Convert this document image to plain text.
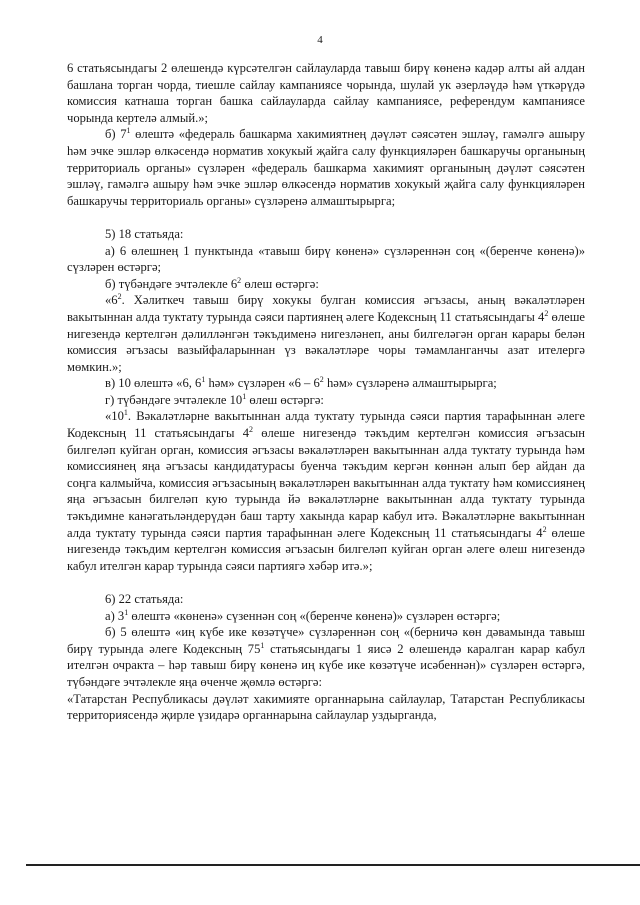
4

6 статьясындагы 2 өлешендә күрсәтелгән сайлауларда тавыш бирү көненә кадәр алты ай алдан башлана торган чорда, тиешле сайлау кампаниясе чорында, шулай ук әзерләүдә һәм үткәрүдә комиссия катнаша торган башка сайлауларда сайлау кампаниясе, референдум кампаниясе чорында кертелә алмый.»;

б) $7^1$ өлештә «федераль башкарма хакимиятнең дәүләт сәясәтен эшләү, гамәлгә ашыру һәм эчке эшләр өлкәсендә норматив хокукый җайга салу функцияләрен башкаручы органының территориаль органы» сүзләрен «федераль башкарма хакимият органының дәүләт сәясәтен эшләү, гамәлгә ашыру һәм эчке эшләр өлкәсендә норматив хокукый җайга салу функцияләрен башкаручы территориаль органы» сүзләренә алмаштырырга;

5) 18 статьяда:

а) 6 өлешнең 1 пунктында «тавыш бирү көненә» сүзләреннән соң «(беренче көненә)» сүзләрен өстәргә;

б) түбәндәге эчтәлекле $6^2$ өлеш өстәргә:

«$6^2$. Хәлиткеч тавыш бирү хокукы булган комиссия әгъзасы, аның вәкаләтләрен вакытыннан алда туктату турында сәяси партиянең әлеге Кодексның 11 статьясындагы $4^2$ өлеше нигезендә кертелгән дәлилләнгән тәкъдименә нигезләнеп, аны билгеләгән орган карары белән комиссия әгъзасы вазыйфаларыннан үз вәкаләтләре чоры тәмамланганчы азат ителергә мөмкин.»;

в) 10 өлештә «6, $6^1$ һәм» сүзләрен «$6 - 6^2$ һәм» сүзләренә алмаштырырга;

г) түбәндәге эчтәлекле $10^1$ өлеш өстәргә:

«$10^1$. Вәкаләтләрне вакытыннан алда туктату турында сәяси партия тарафыннан әлеге Кодексның 11 статьясындагы $4^2$ өлеше нигезендә тәкъдим кертелгән комиссия әгъзасын билгеләп куйган орган, комиссия әгъзасы вәкаләтләрен вакытыннан алда туктату турында һәм комиссиянең яңа әгъзасы кандидатурасы буенча тәкъдим кергән көннән алып бер айдан да соңга калмыйча, комиссия әгъзасының вәкаләтләрен вакытыннан алда туктату һәм комиссиянең яңа әгъзасын билгеләп кую турында йә вәкаләтләрне вакытыннан алда туктату турында тәкъдимне канәгатьләндерүдән баш тарту хакында карар кабул итә. Вәкаләтләрне вакытыннан алда туктату турында сәяси партия тарафыннан әлеге Кодексның 11 статьясындагы $4^2$ өлеше нигезендә тәкъдим кертелгән комиссия әгъзасын билгеләп куйган орган әлеге өлеш нигезендә кабул ителгән карар турында сәяси партиягә хәбәр итә.»;

6) 22 статьяда:

а) $3^1$ өлештә «көненә» сүзеннән соң «(беренче көненә)» сүзләрен өстәргә;

б) 5 өлештә «иң күбе ике көзәтүче» сүзләреннән соң «(берничә көн дәвамында тавыш бирү турында әлеге Кодексның $75^1$ статьясындагы 1 яисә 2 өлешендә каралган карар кабул ителгән очракта – һәр тавыш бирү көненә иң күбе ике көзәтүче исәбеннән)» сүзләрен өстәргә, түбәндәге эчтәлекле яңа өченче җөмлә өстәргә:

«Татарстан Республикасы дәүләт хакимияте органнарына сайлаулар, Татарстан Республикасы территориясендә җирле үзидарә органнарына сайлаулар уздырганда,
